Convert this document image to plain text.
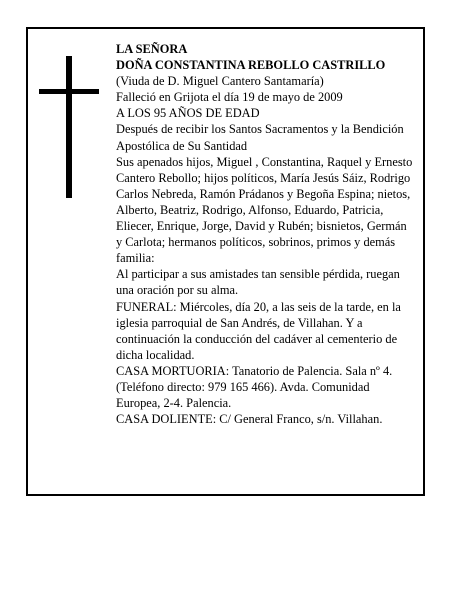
LA SEÑORA

DOÑA CONSTANTINA REBOLLO CASTRILLO

(Viuda de D. Miguel Cantero Santamaría)

Falleció en Grijota el día 19 de mayo de 2009

A LOS 95 AÑOS DE EDAD

Después de recibir los Santos Sacramentos y la Bendición Apostólica de Su Santidad

Sus apenados hijos, Miguel , Constantina, Raquel y Ernesto Cantero Rebollo; hijos políticos, María Jesús Sáiz, Rodrigo Carlos Nebreda, Ramón Prádanos y Begoña Espina; nietos, Alberto, Beatriz, Rodrigo, Alfonso, Eduardo, Patricia, Eliecer, Enrique, Jorge, David y Rubén; bisnietos, Germán y Carlota; hermanos políticos, sobrinos, primos y demás familia:

Al participar a sus amistades tan sensible pérdida, ruegan una oración por su alma.

FUNERAL: Miércoles, día 20, a las seis de la tarde, en la iglesia parroquial de San Andrés, de Villahan. Y a continuación la conducción del cadáver al cementerio de dicha localidad.

CASA MORTUORIA: Tanatorio de Palencia. Sala nº 4. (Teléfono directo: 979 165 466). Avda. Comunidad Europea, 2-4. Palencia.

CASA DOLIENTE: C/ General Franco, s/n. Villahan.
